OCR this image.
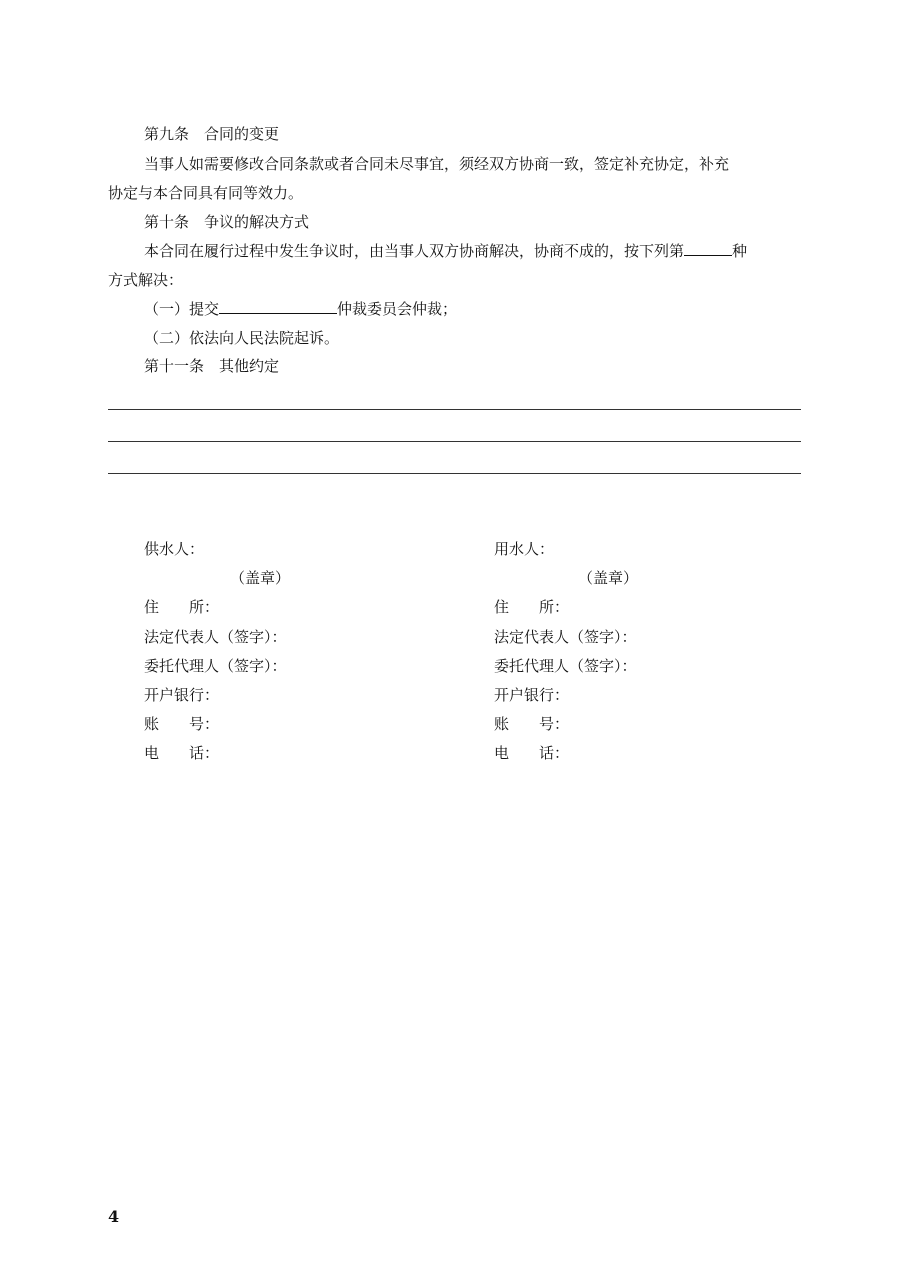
第九条　合同的变更
当事人如需要修改合同条款或者合同未尽事宜，须经双方协商一致，签定补充协定，补充
协定与本合同具有同等效力。
第十条　争议的解决方式
本合同在履行过程中发生争议时，由当事人双方协商解决，协商不成的，按下列第	种
方式解决：
（一）提交	仲裁委员会仲裁；
（二）依法向人民法院起诉。
第十一条　其他约定
供水人：
（盖章）
住　　所：
法定代表人（签字）：
委托代理人（签字）：
开户银行：
账　　号：
电　　话：
用水人：
（盖章）
住　　所：
法定代表人（签字）：
委托代理人（签字）：
开户银行：
账　　号：
电　　话：
4
